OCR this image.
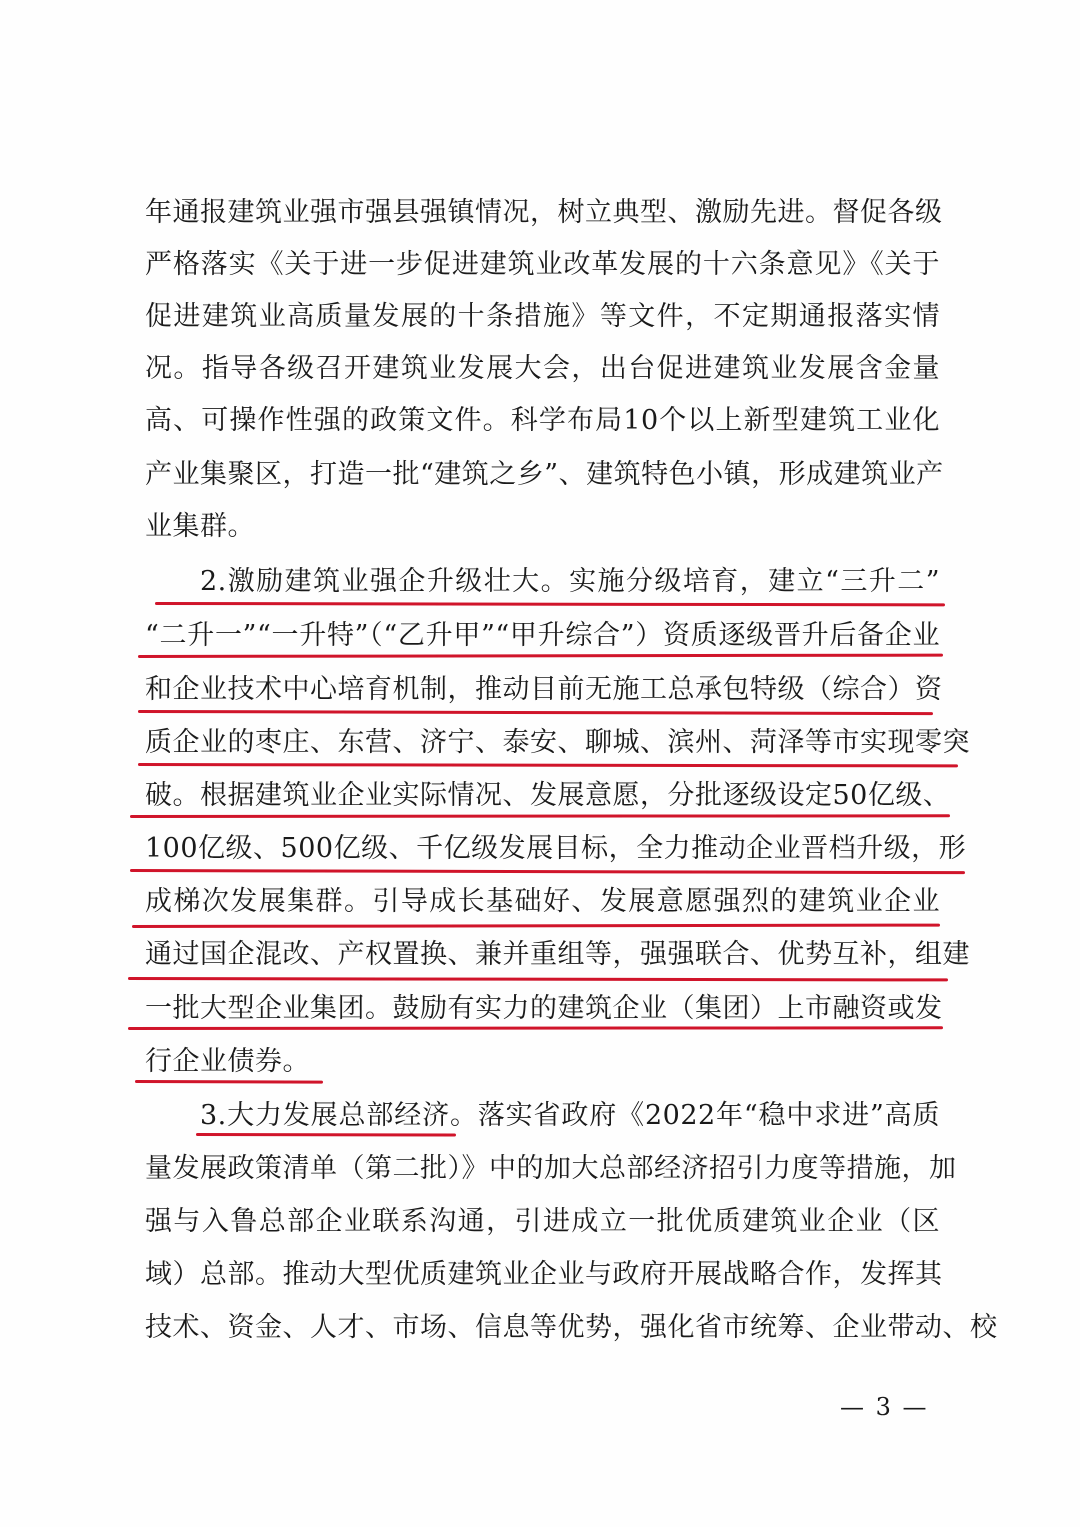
年通报建筑业强市强县强镇情况，树立典型、激励先进。督促各级
严格落实《关于进一步促进建筑业改革发展的十六条意见》《关于
促进建筑业高质量发展的十条措施》等文件，不定期通报落实情
况。指导各级召开建筑业发展大会，出台促进建筑业发展含金量
高、可操作性强的政策文件。科学布局10个以上新型建筑工业化
产业集聚区，打造一批“建筑之乡”、建筑特色小镇，形成建筑业产
业集群。
2.激励建筑业强企升级壮大。实施分级培育，建立“三升二”
“二升一”“一升特”（“乙升甲”“甲升综合”）资质逐级晋升后备企业
和企业技术中心培育机制，推动目前无施工总承包特级（综合）资
质企业的枣庄、东营、济宁、泰安、聊城、滨州、菏泽等市实现零突
破。根据建筑业企业实际情况、发展意愿，分批逐级设定50亿级、
100亿级、500亿级、千亿级发展目标，全力推动企业晋档升级，形
成梯次发展集群。引导成长基础好、发展意愿强烈的建筑业企业
通过国企混改、产权置换、兼并重组等，强强联合、优势互补，组建
一批大型企业集团。鼓励有实力的建筑企业（集团）上市融资或发
行企业债券。
3.大力发展总部经济。落实省政府《2022年“稳中求进”高质
量发展政策清单（第二批）》中的加大总部经济招引力度等措施，加
强与入鲁总部企业联系沟通，引进成立一批优质建筑业企业（区
域）总部。推动大型优质建筑业企业与政府开展战略合作，发挥其
技术、资金、人才、市场、信息等优势，强化省市统筹、企业带动、校
— 3 —
